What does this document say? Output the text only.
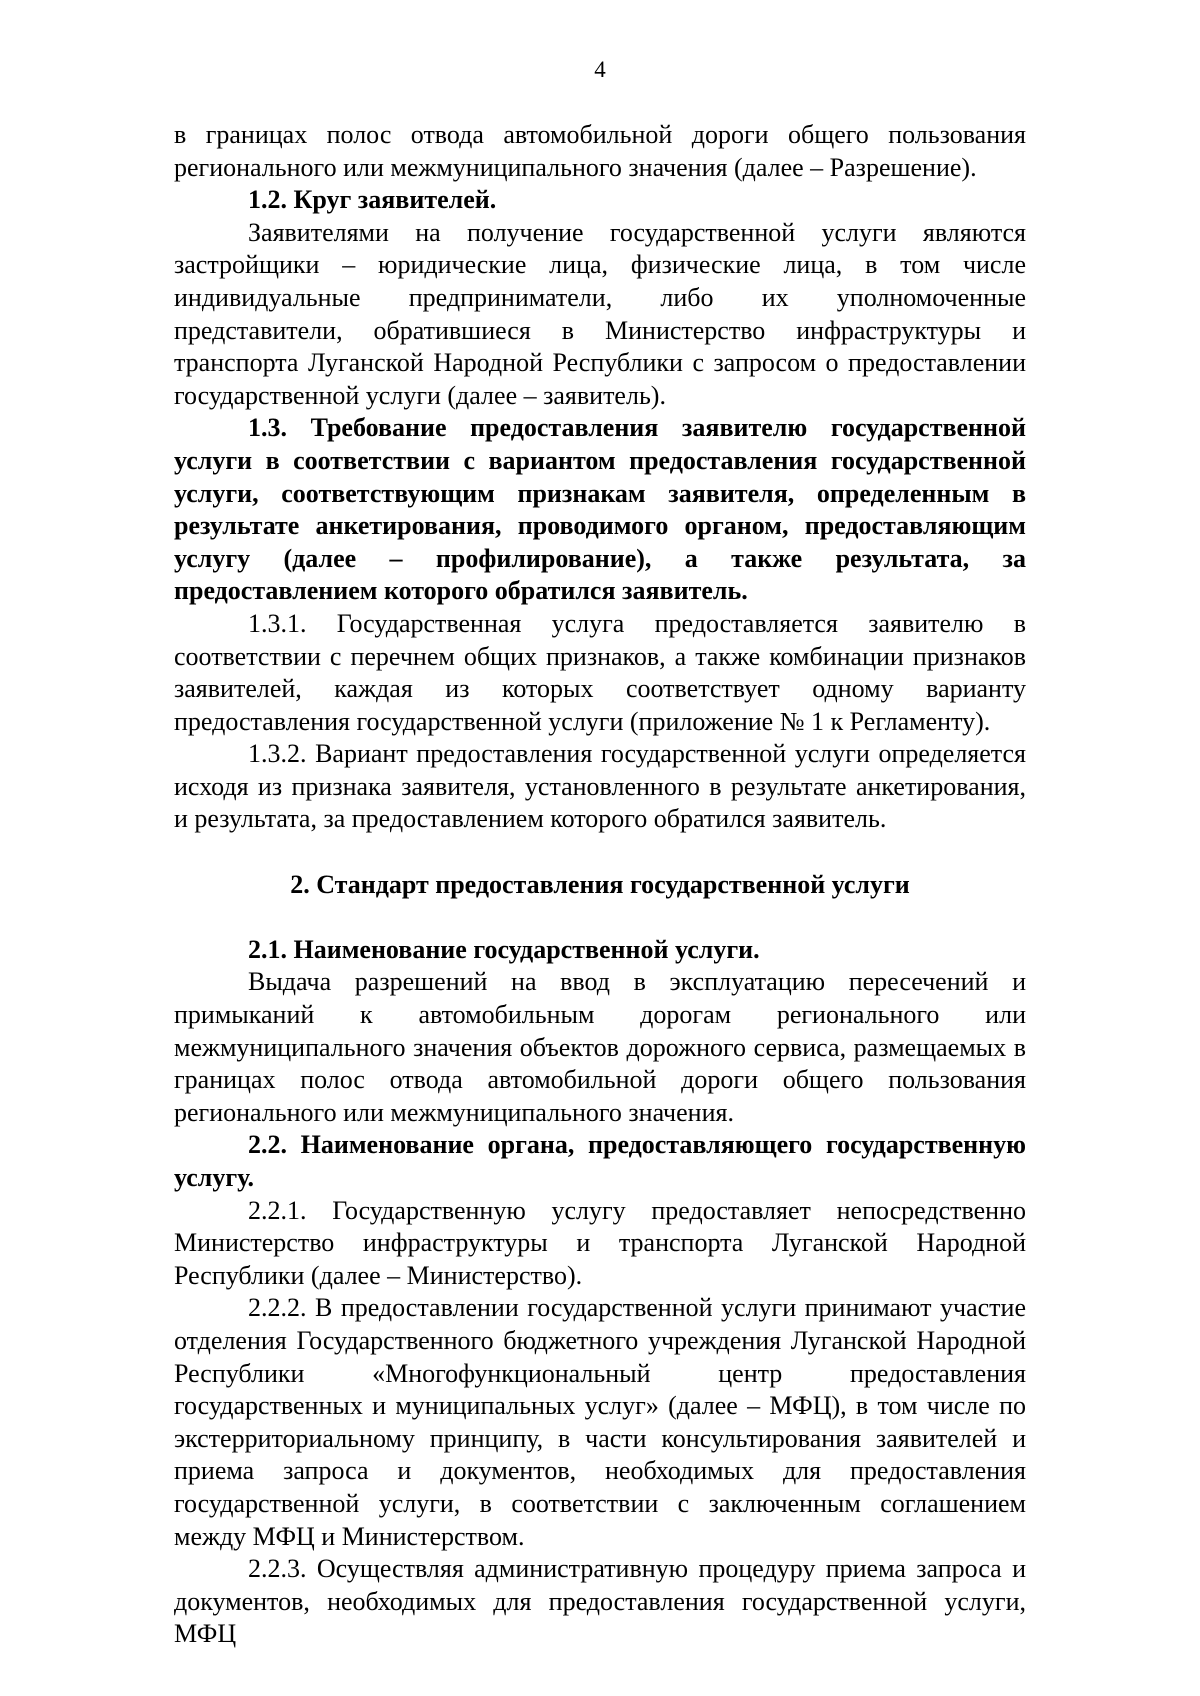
4

в границах полос отвода автомобильной дороги общего пользования регионального или межмуниципального значения (далее – Разрешение).

1.2. Круг заявителей.

Заявителями на получение государственной услуги являются застройщики – юридические лица, физические лица, в том числе индивидуальные предприниматели, либо их уполномоченные представители, обратившиеся в Министерство инфраструктуры и транспорта Луганской Народной Республики с запросом о предоставлении государственной услуги (далее – заявитель).

1.3. Требование предоставления заявителю государственной услуги в соответствии с вариантом предоставления государственной услуги, соответствующим признакам заявителя, определенным в результате анкетирования, проводимого органом, предоставляющим услугу (далее – профилирование), а также результата, за предоставлением которого обратился заявитель.

1.3.1. Государственная услуга предоставляется заявителю в соответствии с перечнем общих признаков, а также комбинации признаков заявителей, каждая из которых соответствует одному варианту предоставления государственной услуги (приложение № 1 к Регламенту).

1.3.2. Вариант предоставления государственной услуги определяется исходя из признака заявителя, установленного в результате анкетирования, и результата, за предоставлением которого обратился заявитель.

2. Стандарт предоставления государственной услуги

2.1. Наименование государственной услуги.

Выдача разрешений на ввод в эксплуатацию пересечений и примыканий к автомобильным дорогам регионального или межмуниципального значения объектов дорожного сервиса, размещаемых в границах полос отвода автомобильной дороги общего пользования регионального или межмуниципального значения.

2.2. Наименование органа, предоставляющего государственную услугу.

2.2.1. Государственную услугу предоставляет непосредственно Министерство инфраструктуры и транспорта Луганской Народной Республики (далее – Министерство).

2.2.2. В предоставлении государственной услуги принимают участие отделения Государственного бюджетного учреждения Луганской Народной Республики «Многофункциональный центр предоставления государственных и муниципальных услуг» (далее – МФЦ), в том числе по экстерриториальному принципу, в части консультирования заявителей и приема запроса и документов, необходимых для предоставления государственной услуги, в соответствии с заключенным соглашением между МФЦ и Министерством.

2.2.3. Осуществляя административную процедуру приема запроса и документов, необходимых для предоставления государственной услуги, МФЦ
